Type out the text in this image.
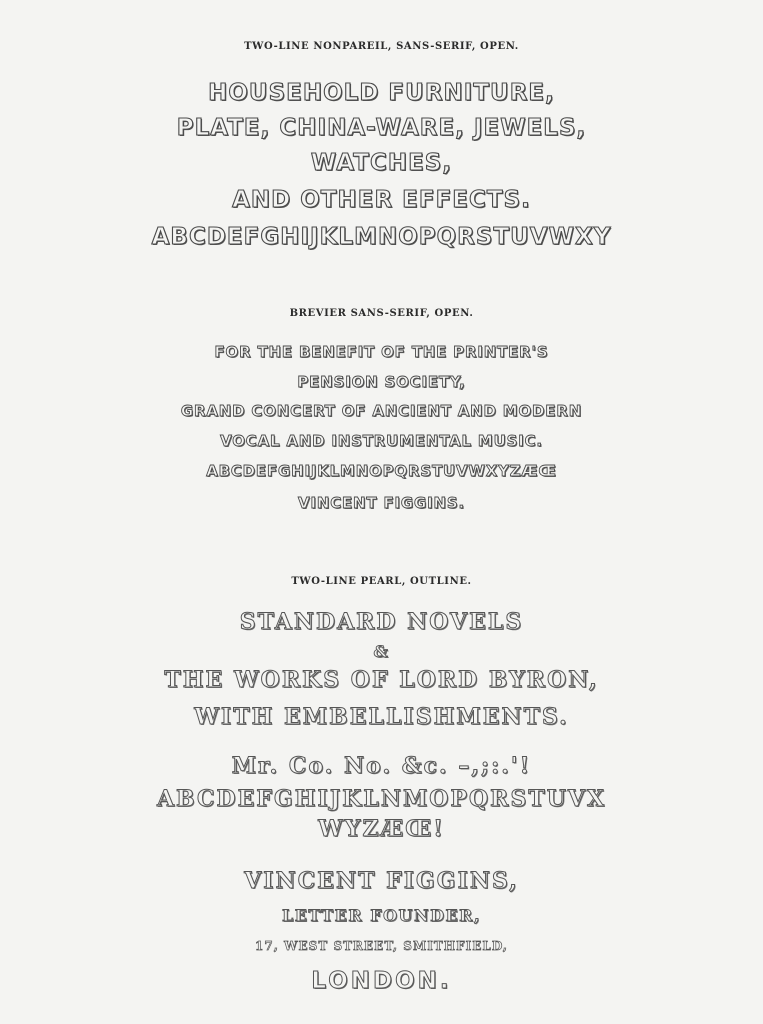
TWO-LINE NONPAREIL, SANS-SERIF, OPEN.
HOUSEHOLD FURNITURE,
PLATE, CHINA-WARE, JEWELS,
WATCHES,
AND OTHER EFFECTS.
ABCDEFGHIJKLMNOPQRSTUVWXY
BREVIER SANS-SERIF, OPEN.
FOR THE BENEFIT OF THE PRINTER'S
PENSION SOCIETY,
GRAND CONCERT OF ANCIENT AND MODERN
VOCAL AND INSTRUMENTAL MUSIC.
ABCDEFGHIJKLMNOPQRSTUVWXYZÆŒ
VINCENT FIGGINS.
TWO-LINE PEARL, OUTLINE.
STANDARD NOVELS
&
THE WORKS OF LORD BYRON,
WITH EMBELLISHMENTS.
Mr. Co. No. &c. –,;:.'!
ABCDEFGHIJKLNMOPQRSTUVX
WYZÆŒ!
VINCENT FIGGINS,
LETTER FOUNDER,
17, WEST STREET, SMITHFIELD,
LONDON.
